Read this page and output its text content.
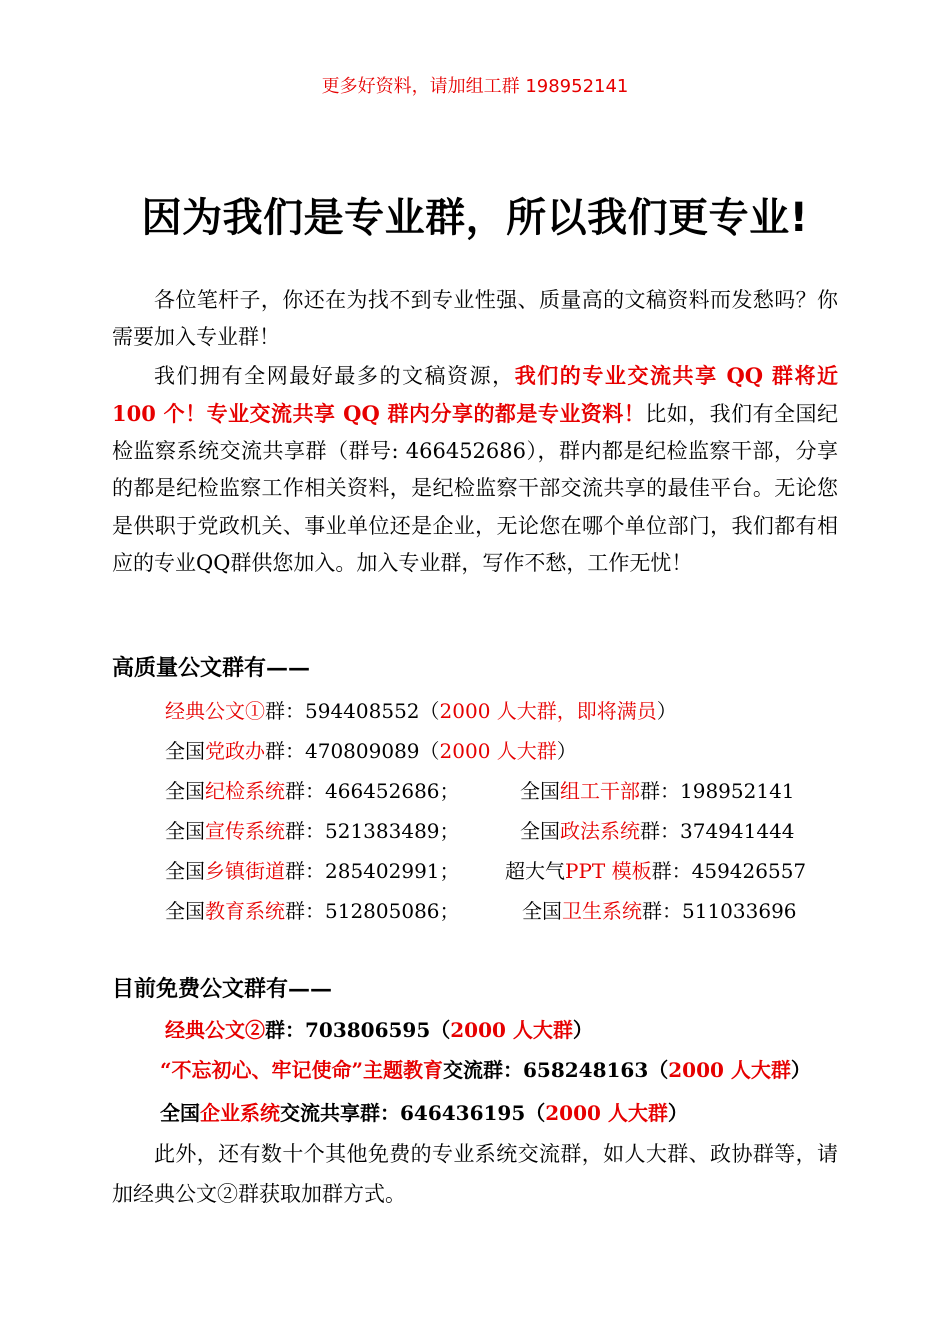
更多好资料，请加组工群 198952141
因为我们是专业群，所以我们更专业!

各位笔杆子，你还在为找不到专业性强、质量高的文稿资料而发愁吗？你需要加入专业群！

我们拥有全网最好最多的文稿资源，我们的专业交流共享 QQ 群将近 100 个！专业交流共享 QQ 群内分享的都是专业资料！比如，我们有全国纪检监察系统交流共享群（群号: 466452686），群内都是纪检监察干部，分享的都是纪检监察工作相关资料，是纪检监察干部交流共享的最佳平台。无论您是供职于党政机关、事业单位还是企业，无论您在哪个单位部门，我们都有相应的专业QQ群供您加入。加入专业群，写作不愁，工作无忧！

高质量公文群有——
经典公文①群：594408552（2000 人大群，即将满员）
全国党政办群：470809089（2000 人大群）
全国纪检系统群：466452686；	全国组工干部群：198952141
全国宣传系统群：521383489；	全国政法系统群：374941444
全国乡镇街道群：285402991； 超大气PPT 模板群：459426557
全国教育系统群：512805086；	全国卫生系统群：511033696
目前免费公文群有——
经典公文②群：703806595（2000 人大群）
“不忘初心、牢记使命”主题教育交流群：658248163（2000 人大群）
全国企业系统交流共享群：646436195（2000 人大群）

此外，还有数十个其他免费的专业系统交流群，如人大群、政协群等，请加经典公文②群获取加群方式。
